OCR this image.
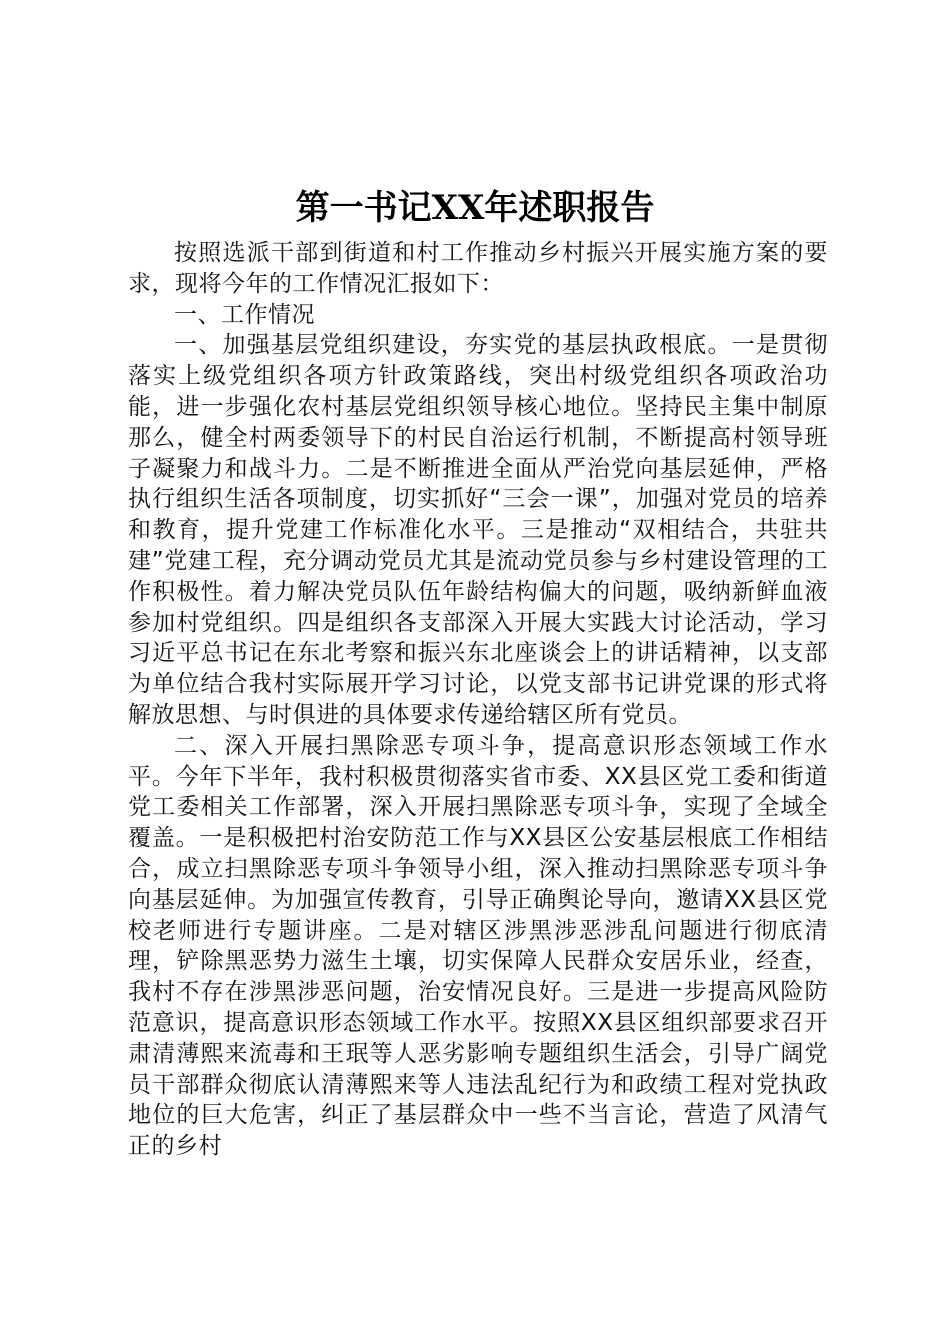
第一书记XX年述职报告

按照选派干部到街道和村工作推动乡村振兴开展实施方案的要求，现将今年的工作情况汇报如下：

一、工作情况

一、加强基层党组织建设，夯实党的基层执政根底。一是贯彻落实上级党组织各项方针政策路线，突出村级党组织各项政治功能，进一步强化农村基层党组织领导核心地位。坚持民主集中制原那么，健全村两委领导下的村民自治运行机制，不断提高村领导班子凝聚力和战斗力。二是不断推进全面从严治党向基层延伸，严格执行组织生活各项制度，切实抓好“三会一课”，加强对党员的培养和教育，提升党建工作标准化水平。三是推动“双相结合，共驻共建”党建工程，充分调动党员尤其是流动党员参与乡村建设管理的工作积极性。着力解决党员队伍年龄结构偏大的问题，吸纳新鲜血液参加村党组织。四是组织各支部深入开展大实践大讨论活动，学习习近平总书记在东北考察和振兴东北座谈会上的讲话精神，以支部为单位结合我村实际展开学习讨论，以党支部书记讲党课的形式将解放思想、与时俱进的具体要求传递给辖区所有党员。

二、深入开展扫黑除恶专项斗争，提高意识形态领域工作水平。今年下半年，我村积极贯彻落实省市委、XX县区党工委和街道党工委相关工作部署，深入开展扫黑除恶专项斗争，实现了全域全覆盖。一是积极把村治安防范工作与XX县区公安基层根底工作相结合，成立扫黑除恶专项斗争领导小组，深入推动扫黑除恶专项斗争向基层延伸。为加强宣传教育，引导正确舆论导向，邀请XX县区党校老师进行专题讲座。二是对辖区涉黑涉恶涉乱问题进行彻底清理，铲除黑恶势力滋生土壤，切实保障人民群众安居乐业，经查，我村不存在涉黑涉恶问题，治安情况良好。三是进一步提高风险防范意识，提高意识形态领域工作水平。按照XX县区组织部要求召开肃清薄熙来流毒和王珉等人恶劣影响专题组织生活会，引导广阔党员干部群众彻底认清薄熙来等人违法乱纪行为和政绩工程对党执政地位的巨大危害，纠正了基层群众中一些不当言论，营造了风清气正的乡村
